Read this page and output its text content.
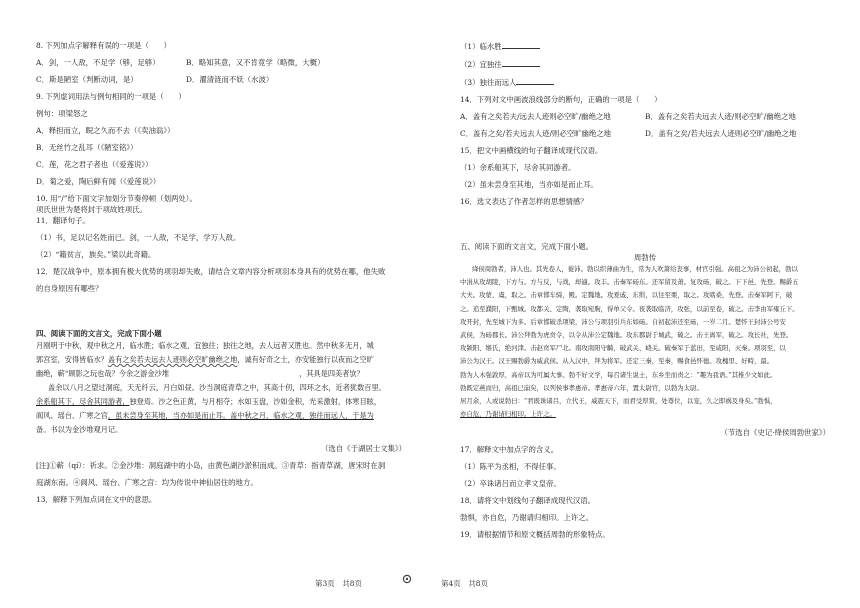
8. 下列加点字解释有误的一项是（　　）

A．剑，一人敌，不足学（够，足够）	B．略知其意，又不肯竟学（略微，大概）
C．斯是陋室（判断动词，是）	D．濯清涟而不妖（水波）

9. 下列虚词用法与例句相同的一项是（　　）

例句：项梁怒之

A．释担而立，睨之久而不去（《卖油翁》）

B．无丝竹之乱耳（《陋室铭》）

C．莲，花之君子者也（《爱莲说》）

D．菊之爱，陶后鲜有闻（《爱莲说》）

10. 用“/”给下面文字加划分节奏停顿（划两处）。

项氏世世为楚将封于项故姓项氏。

11．翻译句子。

（1）书，足以记名姓而已。剑，一人敌，不足学，学万人敌。

（2）“籍贫言，族矣。”梁以此奇籍。

12．楚汉战争中，原本拥有极大优势的项羽却失败，请结合文章内容分析项羽本身具有的优势在哪，他失败

的自身原因有哪些？

四、阅读下面的文言文，完成下面小题

月刚明于中秋，观中秋之月，临水胜；临水之观，宜独往；独往之地，去人远者又胜也。然中秋多无月，城

郭宫室，安得皆临水？盖有之矣若夫远去人迹则必空旷幽绝之地，诚有好奇之士，亦安能独行以夜而之空旷

幽绝，蕲“顾影之玩也哉？今余之游金沙堆	，其具是四美者欤？

盖余以八月之望过洞庭，天无纤云，月白如昼。沙当洞庭青草之中，其高十仞，四环之水，近者犹数百里。

余系船其下，尽舍其同游者，独登焉。沙之色正黄，与月相夺；水如玉盘，沙如金积，光采激射，体寒目眩，

阆风、瑶台、广寒之宫，虽未尝身至其地，当亦如是而止耳。盖中秋之月，临水之观，独往而远人，于是为

备。书以为金沙堆观月记。

（选自《于湖居士文集》）

[注]①蕲（qí）：祈求。②金沙堆：洞庭湖中的小岛，由黄色湖沙淤积而成。③青草：指青草湖，唐宋时在洞

庭湖东南。④阆风、瑶台、广寒之宫：均为传说中神仙居住的地方。

13．解释下列加点词在文中的意思。

（1）临水胜

（2）宜独往

（3）独往而远人

14．下列对文中画波浪线部分的断句，正确的一项是（　　）

A．盖有之矣若夫/远去人迹则必空旷/幽绝之地	B．盖有之矣若夫远去人迹/则必空旷/幽绝之地
C．盖有之矣/若夫远去人迹/则必空旷幽绝之地	D．盖有之矣/若夫远去人迹则必空旷/幽绝之地

15．把文中画横线的句子翻译成现代汉语。

（1）余系船其下，尽舍其同游者。

（2）虽未尝身至其地，当亦如是而止耳。

16．选文表达了作者怎样的思想情感？

五、阅读下面的文言文，完成下面小题。

周勃传

绛侯周勃者，沛人也。其先卷人，徙沛。勃以织薄曲为生，常为人吹箫给丧事，材官引强。高祖之为沛公初起，勃以

中涓从攻胡陵，下方与。方与反，与战，却適。攻丰。击秦军砀东。还军留及萧。复攻砀，破之。下下邑，先登。赐爵五

大夫。攻蒙、虞，取之。击章邯车骑，殿。定魏地。攻爰戚、东缗，以往至栗，取之。攻啮桑，先登。击秦军阿下，破

之。追至濮阳，下甄城。攻都关、定陶，袭取宛朐，得单父令。夜袭取临济，攻张，以前至卷，破之。击李由军雍丘下。

攻开封，先至城下为多。后章邯破杀项梁，沛公与项羽引兵东如砀。自初起沛还至砀，一岁二月。楚怀王封沛公号安

武侯，为砀郡长。沛公拜勃为虎贲令，以令从沛公定魏地。攻东郡尉于城武，破之。击王离军，破之。攻长社，先登。

攻颍阳、缑氏，绝河津。击赵贲军尸北。南攻南阳守齮，破武关、峣关。破秦军于蓝田，至咸阳，灭秦。项羽至，以

沛公为汉王。汉王赐勃爵为威武侯。从入汉中，拜为将军。还定三秦，至秦，赐食邑怀德。攻槐里、好畤，最。

勃为人木强敦厚，高帝以为可属大事。勃不好文学，每召诸生说士，东乡坐而责之：“趣为我语。”其椎少文如此。

勃既定燕而归，高祖已崩矣，以列侯事孝惠帝。孝惠帝六年，置太尉官，以勃为太尉。

居月余，人或说勃曰：“君既诛诸吕，立代王，威震天下，而君受厚赏，处尊位，以宠，久之即祸及身矣。”勃惧，

亦自危，乃谢请归相印。上许之。

（节选自《史记·绛侯周勃世家》）

17．解释文中加点字的含义。

（1）陈平为丞相，不得任事。

（2）卒诛诸吕而立孝文皇帝。

18．请将文中划线句子翻译成现代汉语。

勃惧，亦自危，乃谢请归相印。上许之。

19．请根据情节和原文概括周勃的形象特点。

第3页　共8页	第4页　共8页
